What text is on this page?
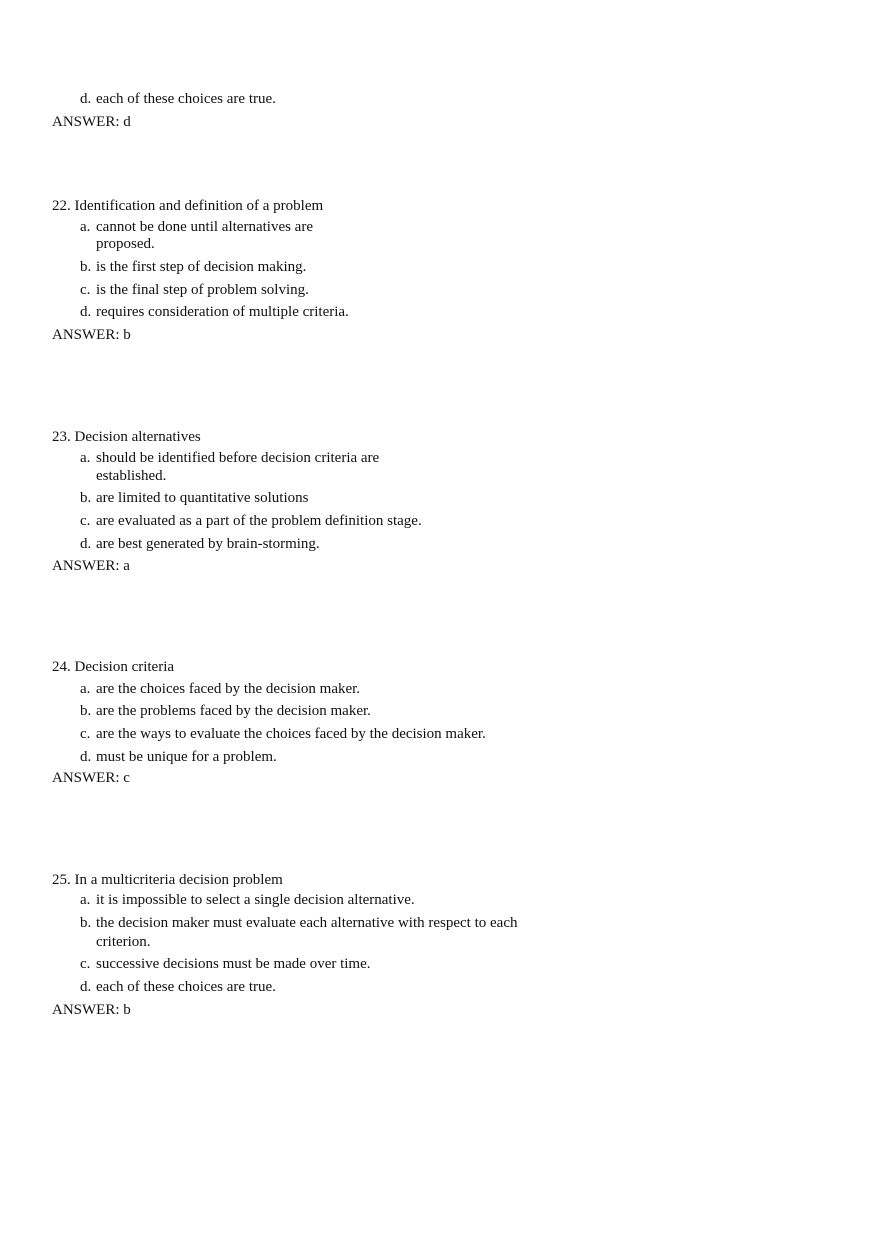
d. each of these choices are true.
ANSWER: d
22. Identification and definition of a problem
a. cannot be done until alternatives are
proposed.
b. is the first step of decision making.
c. is the final step of problem solving.
d. requires consideration of multiple criteria.
ANSWER: b
23. Decision alternatives
a. should be identified before decision criteria are
established.
b. are limited to quantitative solutions
c. are evaluated as a part of the problem definition stage.
d. are best generated by brain-storming.
ANSWER: a
24. Decision criteria
a. are the choices faced by the decision maker.
b. are the problems faced by the decision maker.
c. are the ways to evaluate the choices faced by the decision maker.
d. must be unique for a problem.
ANSWER: c
25. In a multicriteria decision problem
a. it is impossible to select a single decision alternative.
b. the decision maker must evaluate each alternative with respect to each
criterion.
c. successive decisions must be made over time.
d. each of these choices are true.
ANSWER: b
